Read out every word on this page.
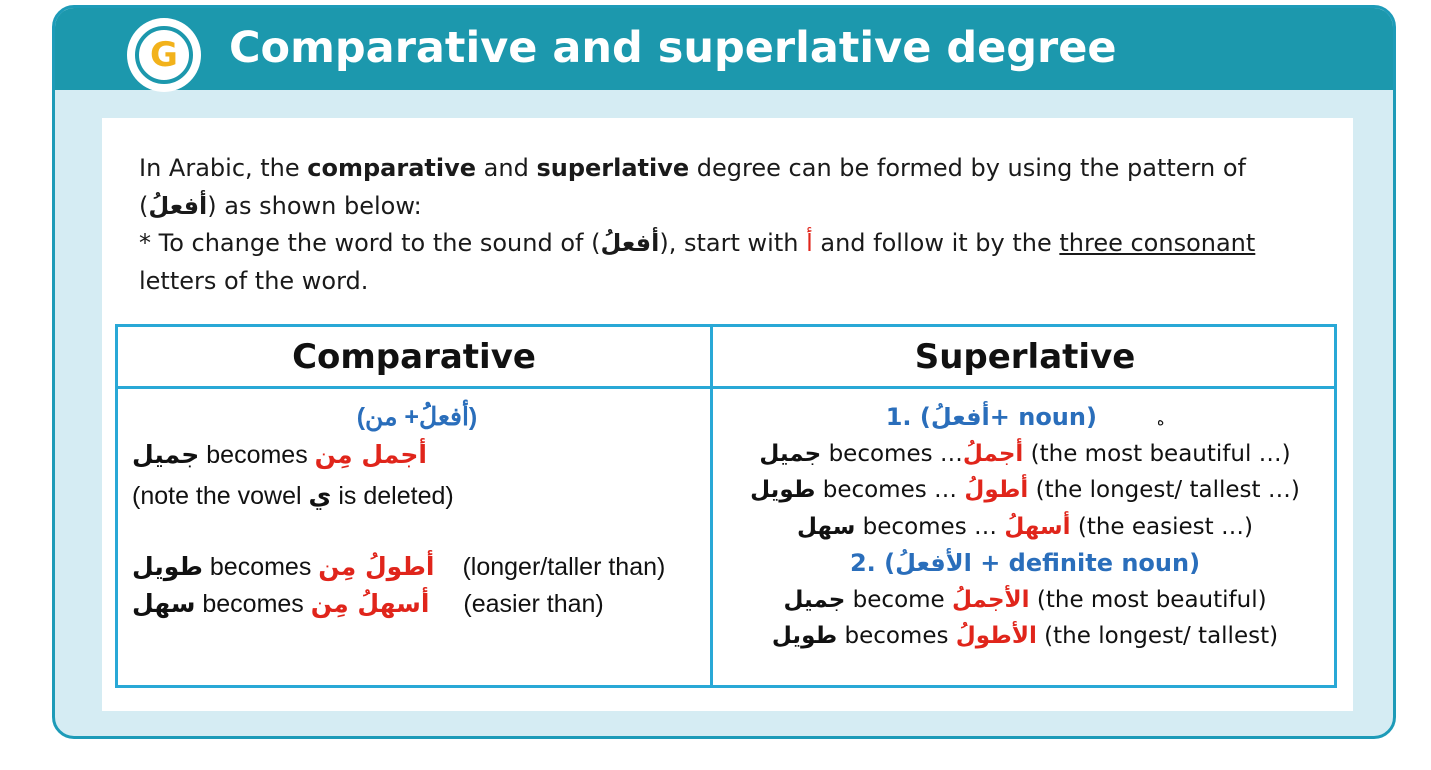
G	Comparative and superlative degree
In Arabic, the comparative and superlative degree can be formed by using the pattern of (أفعلُ) as shown below:
* To change the word to the sound of (أفعلُ), start with أ and follow it by the three consonant letters of the word.
Comparative	Superlative
(أفعلُ+ من)
جميل becomes أجمل مِن
(note the vowel ي is deleted)
طويل becomes أطولُ مِن (longer/taller than)
سهل becomes أسهلُ مِن (easier than)
1. (أفعلُ+ noun)	ه
جميل becomes …أجملُ (the most beautiful …)
طويل becomes … أطولُ (the longest/ tallest …)
سهل becomes … أسهلُ (the easiest …)
2. (الأفعلُ + definite noun)
جميل become الأجملُ (the most beautiful)
طويل becomes الأطولُ (the longest/ tallest)
